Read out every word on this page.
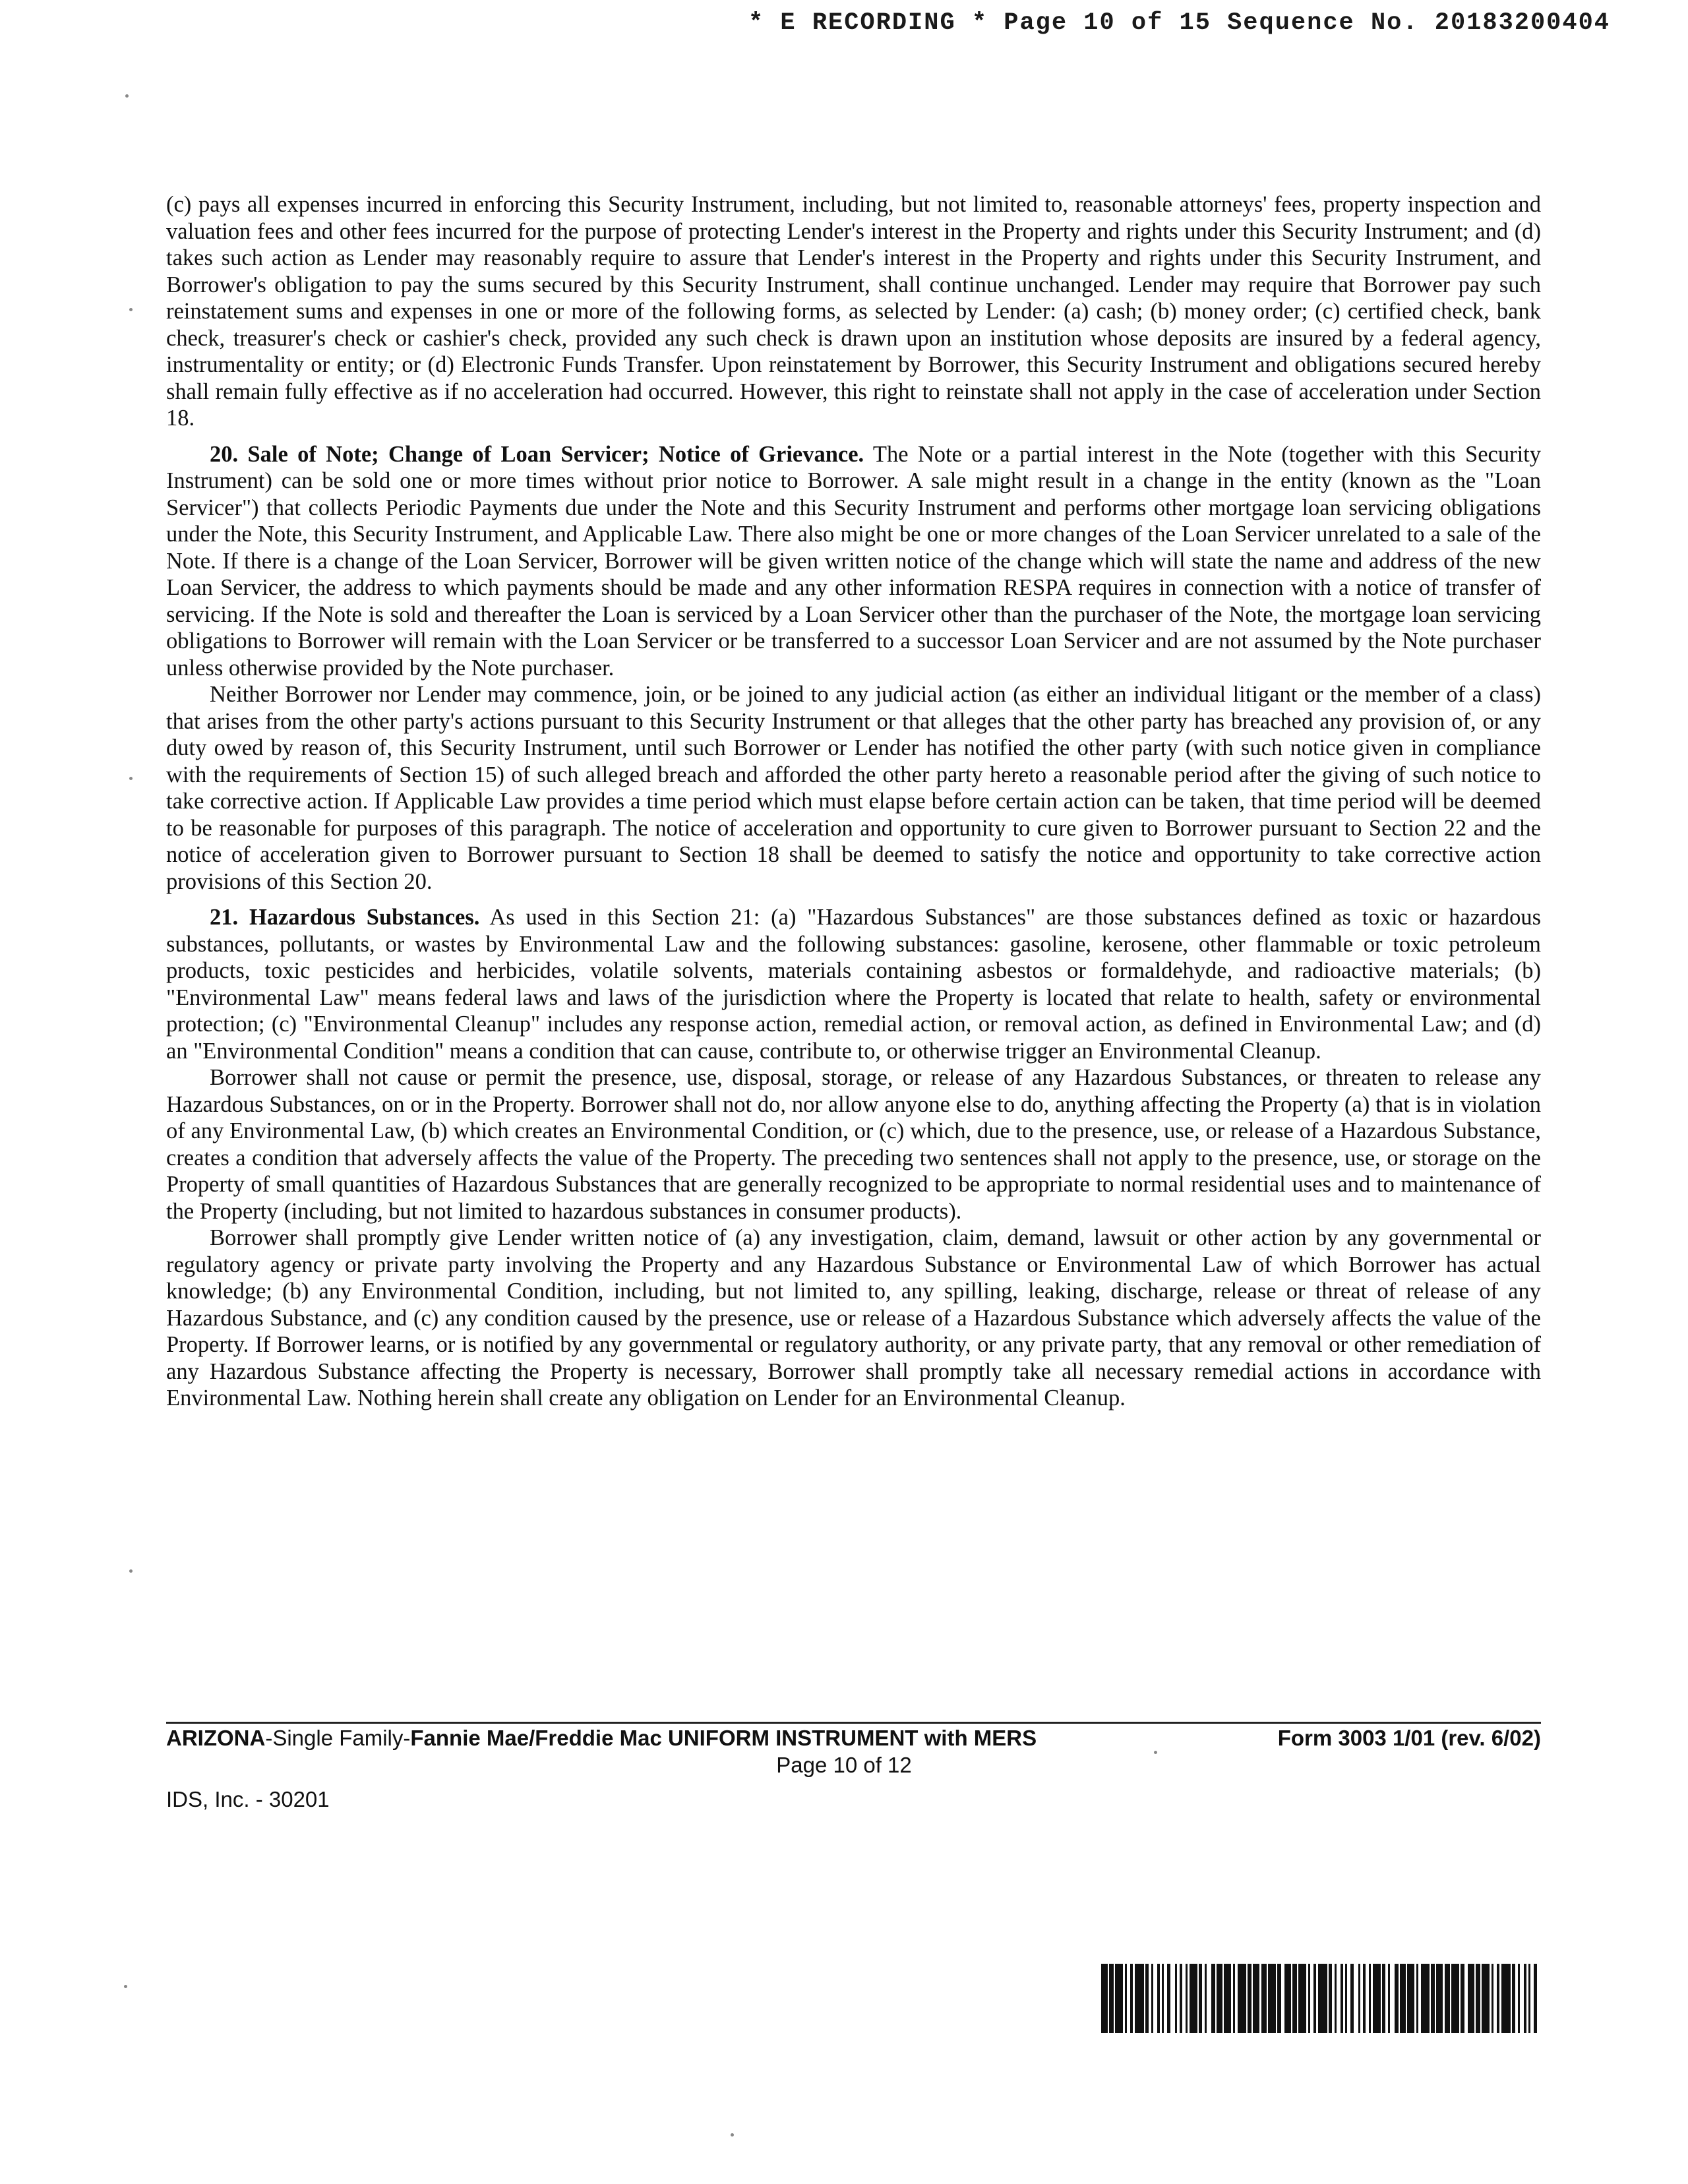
* E RECORDING * Page 10 of 15 Sequence No. 20183200404

(c) pays all expenses incurred in enforcing this Security Instrument, including, but not limited to, reasonable attorneys' fees, property inspection and valuation fees and other fees incurred for the purpose of protecting Lender's interest in the Property and rights under this Security Instrument; and (d) takes such action as Lender may reasonably require to assure that Lender's interest in the Property and rights under this Security Instrument, and Borrower's obligation to pay the sums secured by this Security Instrument, shall continue unchanged. Lender may require that Borrower pay such reinstatement sums and expenses in one or more of the following forms, as selected by Lender: (a) cash; (b) money order; (c) certified check, bank check, treasurer's check or cashier's check, provided any such check is drawn upon an institution whose deposits are insured by a federal agency, instrumentality or entity; or (d) Electronic Funds Transfer. Upon reinstatement by Borrower, this Security Instrument and obligations secured hereby shall remain fully effective as if no acceleration had occurred. However, this right to reinstate shall not apply in the case of acceleration under Section 18.

20. Sale of Note; Change of Loan Servicer; Notice of Grievance. The Note or a partial interest in the Note (together with this Security Instrument) can be sold one or more times without prior notice to Borrower. A sale might result in a change in the entity (known as the "Loan Servicer") that collects Periodic Payments due under the Note and this Security Instrument and performs other mortgage loan servicing obligations under the Note, this Security Instrument, and Applicable Law. There also might be one or more changes of the Loan Servicer unrelated to a sale of the Note. If there is a change of the Loan Servicer, Borrower will be given written notice of the change which will state the name and address of the new Loan Servicer, the address to which payments should be made and any other information RESPA requires in connection with a notice of transfer of servicing. If the Note is sold and thereafter the Loan is serviced by a Loan Servicer other than the purchaser of the Note, the mortgage loan servicing obligations to Borrower will remain with the Loan Servicer or be transferred to a successor Loan Servicer and are not assumed by the Note purchaser unless otherwise provided by the Note purchaser.

Neither Borrower nor Lender may commence, join, or be joined to any judicial action (as either an individual litigant or the member of a class) that arises from the other party's actions pursuant to this Security Instrument or that alleges that the other party has breached any provision of, or any duty owed by reason of, this Security Instrument, until such Borrower or Lender has notified the other party (with such notice given in compliance with the requirements of Section 15) of such alleged breach and afforded the other party hereto a reasonable period after the giving of such notice to take corrective action. If Applicable Law provides a time period which must elapse before certain action can be taken, that time period will be deemed to be reasonable for purposes of this paragraph. The notice of acceleration and opportunity to cure given to Borrower pursuant to Section 22 and the notice of acceleration given to Borrower pursuant to Section 18 shall be deemed to satisfy the notice and opportunity to take corrective action provisions of this Section 20.

21. Hazardous Substances. As used in this Section 21: (a) "Hazardous Substances" are those substances defined as toxic or hazardous substances, pollutants, or wastes by Environmental Law and the following substances: gasoline, kerosene, other flammable or toxic petroleum products, toxic pesticides and herbicides, volatile solvents, materials containing asbestos or formaldehyde, and radioactive materials; (b) "Environmental Law" means federal laws and laws of the jurisdiction where the Property is located that relate to health, safety or environmental protection; (c) "Environmental Cleanup" includes any response action, remedial action, or removal action, as defined in Environmental Law; and (d) an "Environmental Condition" means a condition that can cause, contribute to, or otherwise trigger an Environmental Cleanup.

Borrower shall not cause or permit the presence, use, disposal, storage, or release of any Hazardous Substances, or threaten to release any Hazardous Substances, on or in the Property. Borrower shall not do, nor allow anyone else to do, anything affecting the Property (a) that is in violation of any Environmental Law, (b) which creates an Environmental Condition, or (c) which, due to the presence, use, or release of a Hazardous Substance, creates a condition that adversely affects the value of the Property. The preceding two sentences shall not apply to the presence, use, or storage on the Property of small quantities of Hazardous Substances that are generally recognized to be appropriate to normal residential uses and to maintenance of the Property (including, but not limited to hazardous substances in consumer products).

Borrower shall promptly give Lender written notice of (a) any investigation, claim, demand, lawsuit or other action by any governmental or regulatory agency or private party involving the Property and any Hazardous Substance or Environmental Law of which Borrower has actual knowledge; (b) any Environmental Condition, including, but not limited to, any spilling, leaking, discharge, release or threat of release of any Hazardous Substance, and (c) any condition caused by the presence, use or release of a Hazardous Substance which adversely affects the value of the Property. If Borrower learns, or is notified by any governmental or regulatory authority, or any private party, that any removal or other remediation of any Hazardous Substance affecting the Property is necessary, Borrower shall promptly take all necessary remedial actions in accordance with Environmental Law. Nothing herein shall create any obligation on Lender for an Environmental Cleanup.

ARIZONA-Single Family-Fannie Mae/Freddie Mac UNIFORM INSTRUMENT with MERS	Form 3003 1/01 (rev. 6/02)
Page 10 of 12
IDS, Inc. - 30201
